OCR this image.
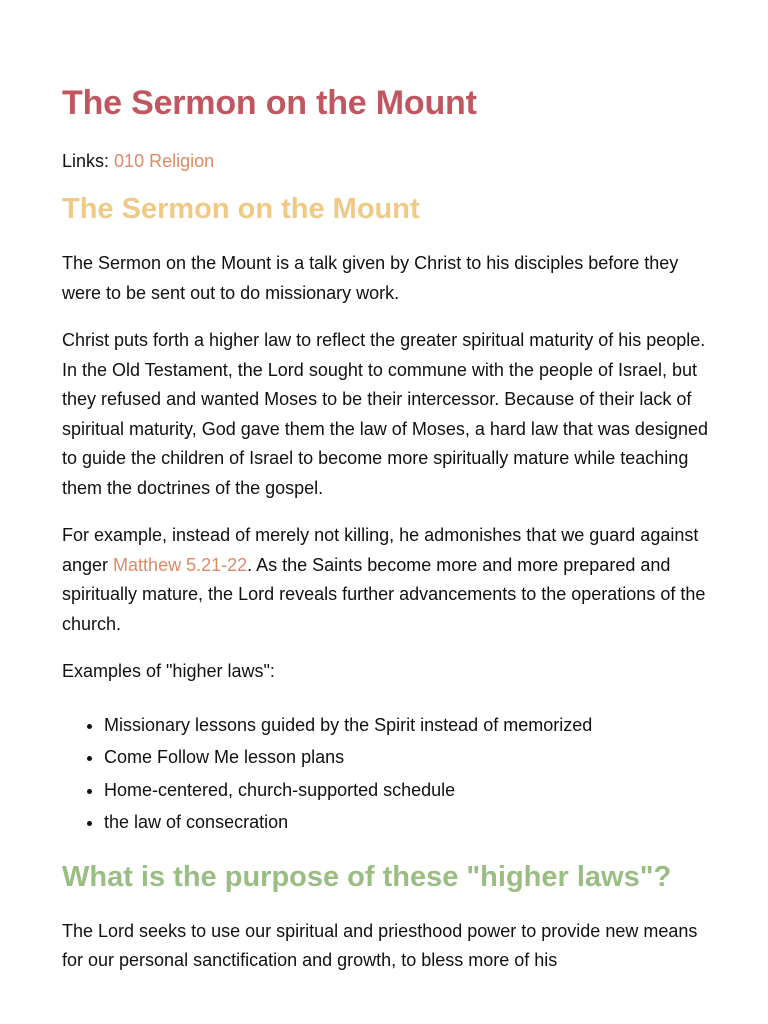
The Sermon on the Mount
Links: 010 Religion
The Sermon on the Mount

The Sermon on the Mount is a talk given by Christ to his disciples before they were to be sent out to do missionary work.

Christ puts forth a higher law to reflect the greater spiritual maturity of his people. In the Old Testament, the Lord sought to commune with the people of Israel, but they refused and wanted Moses to be their intercessor. Because of their lack of spiritual maturity, God gave them the law of Moses, a hard law that was designed to guide the children of Israel to become more spiritually mature while teaching them the doctrines of the gospel.

For example, instead of merely not killing, he admonishes that we guard against anger Matthew 5.21-22. As the Saints become more and more prepared and spiritually mature, the Lord reveals further advancements to the operations of the church.

Examples of "higher laws":

• Missionary lessons guided by the Spirit instead of memorized
• Come Follow Me lesson plans
• Home-centered, church-supported schedule
• the law of consecration
What is the purpose of these "higher laws"?

The Lord seeks to use our spiritual and priesthood power to provide new means for our personal sanctification and growth, to bless more of his
